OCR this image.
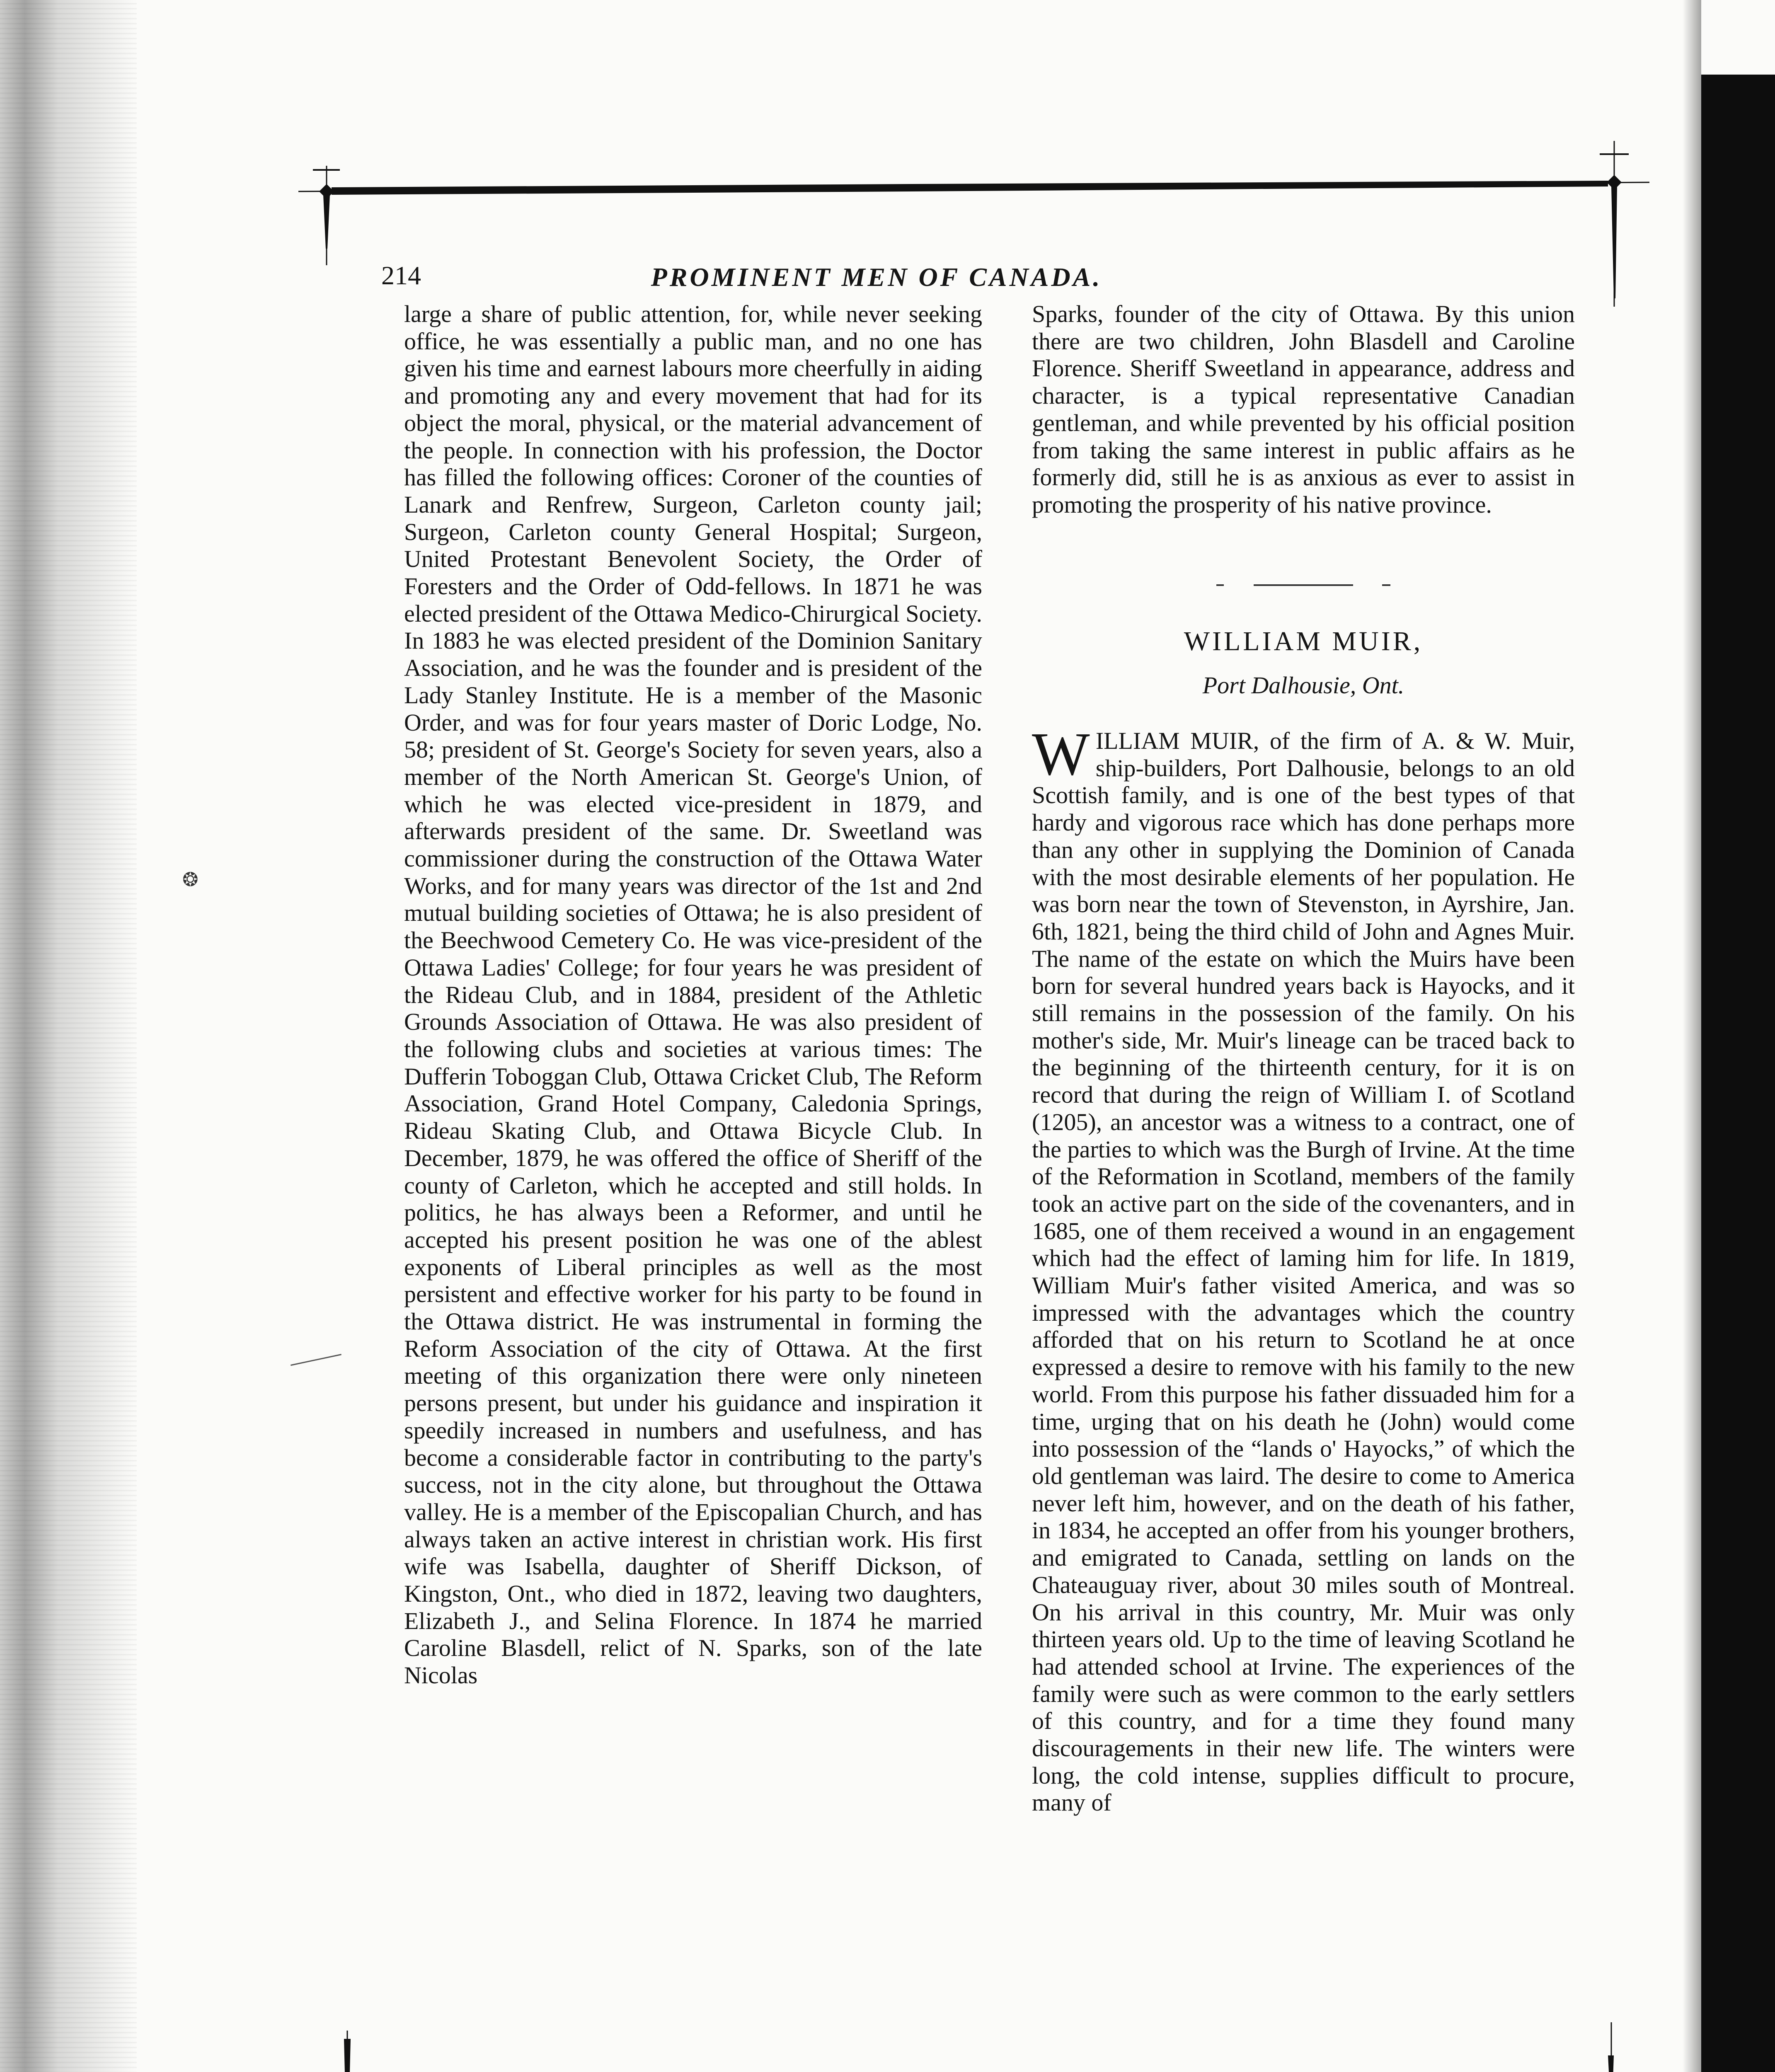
214	PROMINENT MEN OF CANADA.

large a share of public attention, for, while never seeking office, he was essentially a public man, and no one has given his time and earnest labours more cheerfully in aiding and promoting any and every movement that had for its object the moral, physical, or the material advancement of the people. In connection with his profession, the Doctor has filled the following offices: Coroner of the counties of Lanark and Renfrew, Surgeon, Carleton county jail; Surgeon, Carleton county General Hospital; Surgeon, United Protestant Benevolent Society, the Order of Foresters and the Order of Odd-fellows. In 1871 he was elected president of the Ottawa Medico-Chirurgical Society. In 1883 he was elected president of the Dominion Sanitary Association, and he was the founder and is president of the Lady Stanley Institute. He is a member of the Masonic Order, and was for four years master of Doric Lodge, No. 58; president of St. George's Society for seven years, also a member of the North American St. George's Union, of which he was elected vice-president in 1879, and afterwards president of the same. Dr. Sweetland was commissioner during the construction of the Ottawa Water Works, and for many years was director of the 1st and 2nd mutual building societies of Ottawa; he is also president of the Beechwood Cemetery Co. He was vice-president of the Ottawa Ladies' College; for four years he was president of the Rideau Club, and in 1884, president of the Athletic Grounds Association of Ottawa. He was also president of the following clubs and societies at various times: The Dufferin Toboggan Club, Ottawa Cricket Club, The Reform Association, Grand Hotel Company, Caledonia Springs, Rideau Skating Club, and Ottawa Bicycle Club. In December, 1879, he was offered the office of Sheriff of the county of Carleton, which he accepted and still holds. In politics, he has always been a Reformer, and until he accepted his present position he was one of the ablest exponents of Liberal principles as well as the most persistent and effective worker for his party to be found in the Ottawa district. He was instrumental in forming the Reform Association of the city of Ottawa. At the first meeting of this organization there were only nineteen persons present, but under his guidance and inspiration it speedily increased in numbers and usefulness, and has become a considerable factor in contributing to the party's success, not in the city alone, but throughout the Ottawa valley. He is a member of the Episcopalian Church, and has always taken an active interest in christian work. His first wife was Isabella, daughter of Sheriff Dickson, of Kingston, Ont., who died in 1872, leaving two daughters, Elizabeth J., and Selina Florence. In 1874 he married Caroline Blasdell, relict of N. Sparks, son of the late Nicolas

Sparks, founder of the city of Ottawa. By this union there are two children, John Blasdell and Caroline Florence. Sheriff Sweetland in appearance, address and character, is a typical representative Canadian gentleman, and while prevented by his official position from taking the same interest in public affairs as he formerly did, still he is as anxious as ever to assist in promoting the prosperity of his native province.

WILLIAM MUIR,
Port Dalhousie, Ont.
W ILLIAM MUIR, of the firm of A. & W. Muir, ship-builders, Port Dalhousie, belongs to an old Scottish family, and is one of the best types of that hardy and vigorous race which has done perhaps more than any other in supplying the Dominion of Canada with the most desirable elements of her population. He was born near the town of Stevenston, in Ayrshire, Jan. 6th, 1821, being the third child of John and Agnes Muir. The name of the estate on which the Muirs have been born for several hundred years back is Hayocks, and it still remains in the possession of the family. On his mother's side, Mr. Muir's lineage can be traced back to the beginning of the thirteenth century, for it is on record that during the reign of William I. of Scotland (1205), an ancestor was a witness to a contract, one of the parties to which was the Burgh of Irvine. At the time of the Reformation in Scotland, members of the family took an active part on the side of the covenanters, and in 1685, one of them received a wound in an engagement which had the effect of laming him for life. In 1819, William Muir's father visited America, and was so impressed with the advantages which the country afforded that on his return to Scotland he at once expressed a desire to remove with his family to the new world. From this purpose his father dissuaded him for a time, urging that on his death he (John) would come into possession of the “lands o' Hayocks,” of which the old gentleman was laird. The desire to come to America never left him, however, and on the death of his father, in 1834, he accepted an offer from his younger brothers, and emigrated to Canada, settling on lands on the Chateauguay river, about 30 miles south of Montreal. On his arrival in this country, Mr. Muir was only thirteen years old. Up to the time of leaving Scotland he had attended school at Irvine. The experiences of the family were such as were common to the early settlers of this country, and for a time they found many discouragements in their new life. The winters were long, the cold intense, supplies difficult to procure, many of

❂
